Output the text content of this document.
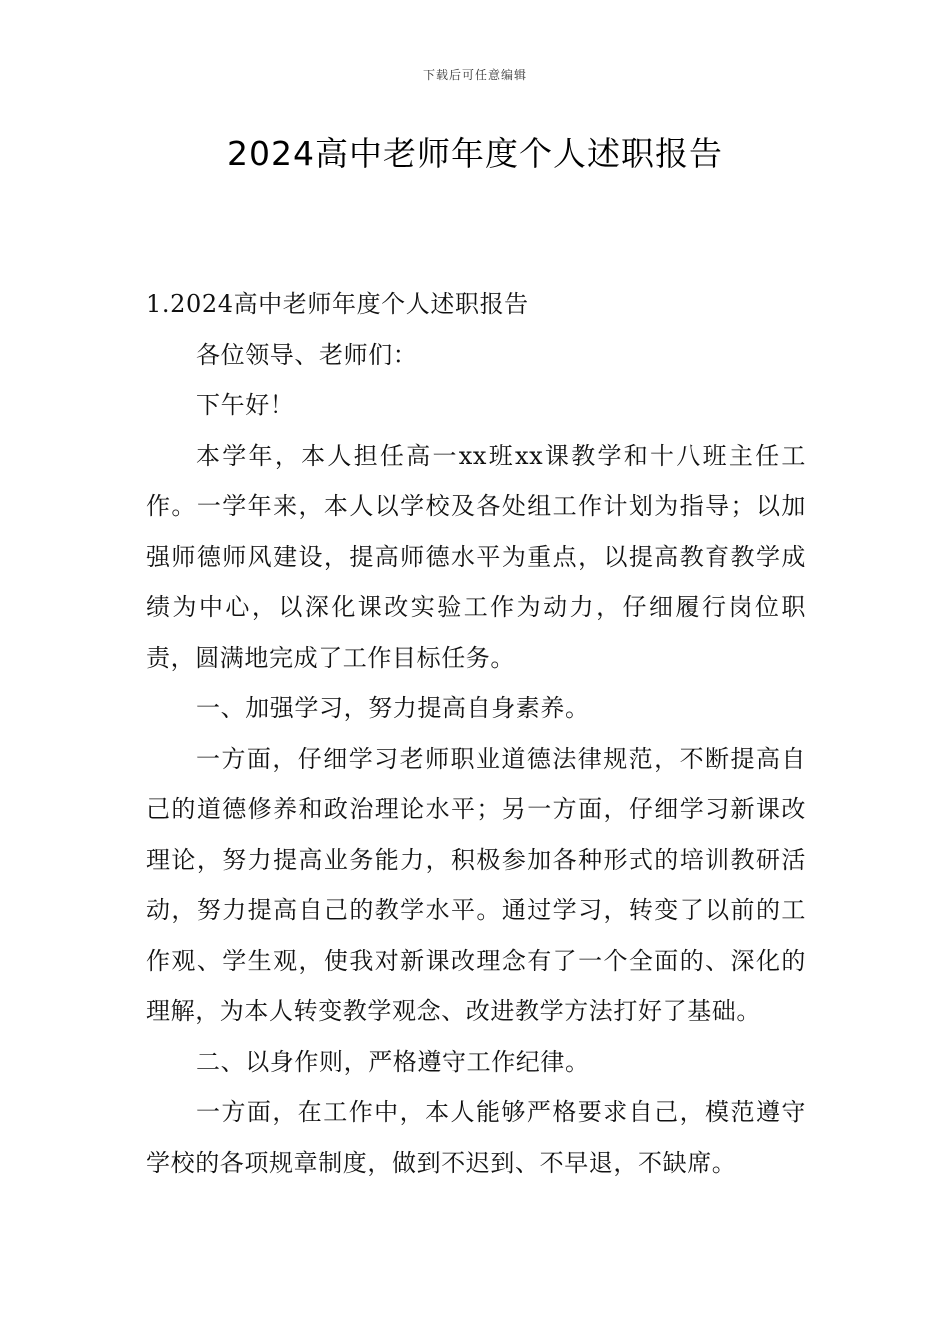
下载后可任意编辑
2024高中老师年度个人述职报告

1.2024高中老师年度个人述职报告

各位领导、老师们：

下午好！

本学年，本人担任高一xx班xx课教学和十八班主任工作。一学年来，本人以学校及各处组工作计划为指导；以加强师德师风建设，提高师德水平为重点，以提高教育教学成绩为中心，以深化课改实验工作为动力，仔细履行岗位职责，圆满地完成了工作目标任务。

一、加强学习，努力提高自身素养。

一方面，仔细学习老师职业道德法律规范，不断提高自己的道德修养和政治理论水平；另一方面，仔细学习新课改理论，努力提高业务能力，积极参加各种形式的培训教研活动，努力提高自己的教学水平。通过学习，转变了以前的工作观、学生观，使我对新课改理念有了一个全面的、深化的理解，为本人转变教学观念、改进教学方法打好了基础。

二、以身作则，严格遵守工作纪律。

一方面，在工作中，本人能够严格要求自己，模范遵守学校的各项规章制度，做到不迟到、不早退，不缺席。
